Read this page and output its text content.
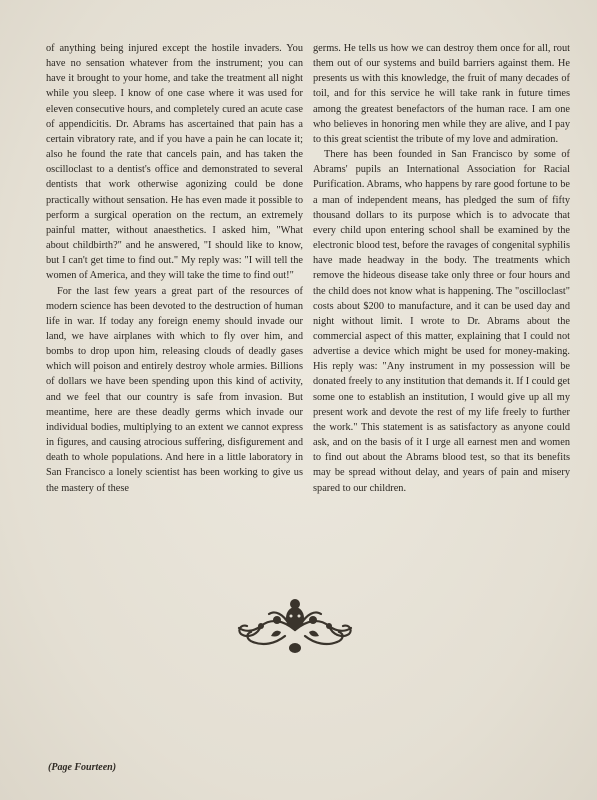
of anything being injured except the hostile invaders. You have no sensation whatever from the instrument; you can have it brought to your home, and take the treatment all night while you sleep. I know of one case where it was used for eleven consecutive hours, and completely cured an acute case of appendicitis. Dr. Abrams has ascertained that pain has a certain vibratory rate, and if you have a pain he can locate it; also he found the rate that cancels pain, and has taken the oscilloclast to a dentist's office and demonstrated to several dentists that work otherwise agonizing could be done practically without sensation. He has even made it possible to perform a surgical operation on the rectum, an extremely painful matter, without anaesthetics. I asked him, "What about childbirth?" and he answered, "I should like to know, but I can't get time to find out." My reply was: "I will tell the women of America, and they will take the time to find out!"

For the last few years a great part of the resources of modern science has been devoted to the destruction of human life in war. If today any foreign enemy should invade our land, we have airplanes with which to fly over him, and bombs to drop upon him, releasing clouds of deadly gases which will poison and entirely destroy whole armies. Billions of dollars we have been spending upon this kind of activity, and we feel that our country is safe from invasion. But meantime, here are these deadly germs which invade our individual bodies, multiplying to an extent we cannot express in figures, and causing atrocious suffering, disfigurement and death to whole populations. And here in a little laboratory in San Francisco a lonely scientist has been working to give us the mastery of these

germs. He tells us how we can destroy them once for all, rout them out of our systems and build barriers against them. He presents us with this knowledge, the fruit of many decades of toil, and for this service he will take rank in future times among the greatest benefactors of the human race. I am one who believes in honoring men while they are alive, and I pay to this great scientist the tribute of my love and admiration.

There has been founded in San Francisco by some of Abrams' pupils an International Association for Racial Purification. Abrams, who happens by rare good fortune to be a man of independent means, has pledged the sum of fifty thousand dollars to its purpose which is to advocate that every child upon entering school shall be examined by the electronic blood test, before the ravages of congenital syphilis have made headway in the body. The treatments which remove the hideous disease take only three or four hours and the child does not know what is happening. The "oscilloclast" costs about $200 to manufacture, and it can be used day and night without limit. I wrote to Dr. Abrams about the commercial aspect of this matter, explaining that I could not advertise a device which might be used for money-making. His reply was: "Any instrument in my possession will be donated freely to any institution that demands it. If I could get some one to establish an institution, I would give up all my present work and devote the rest of my life freely to further the work." This statement is as satisfactory as anyone could ask, and on the basis of it I urge all earnest men and women to find out about the Abrams blood test, so that its benefits may be spread without delay, and years of pain and misery spared to our children.

(Page Fourteen)
